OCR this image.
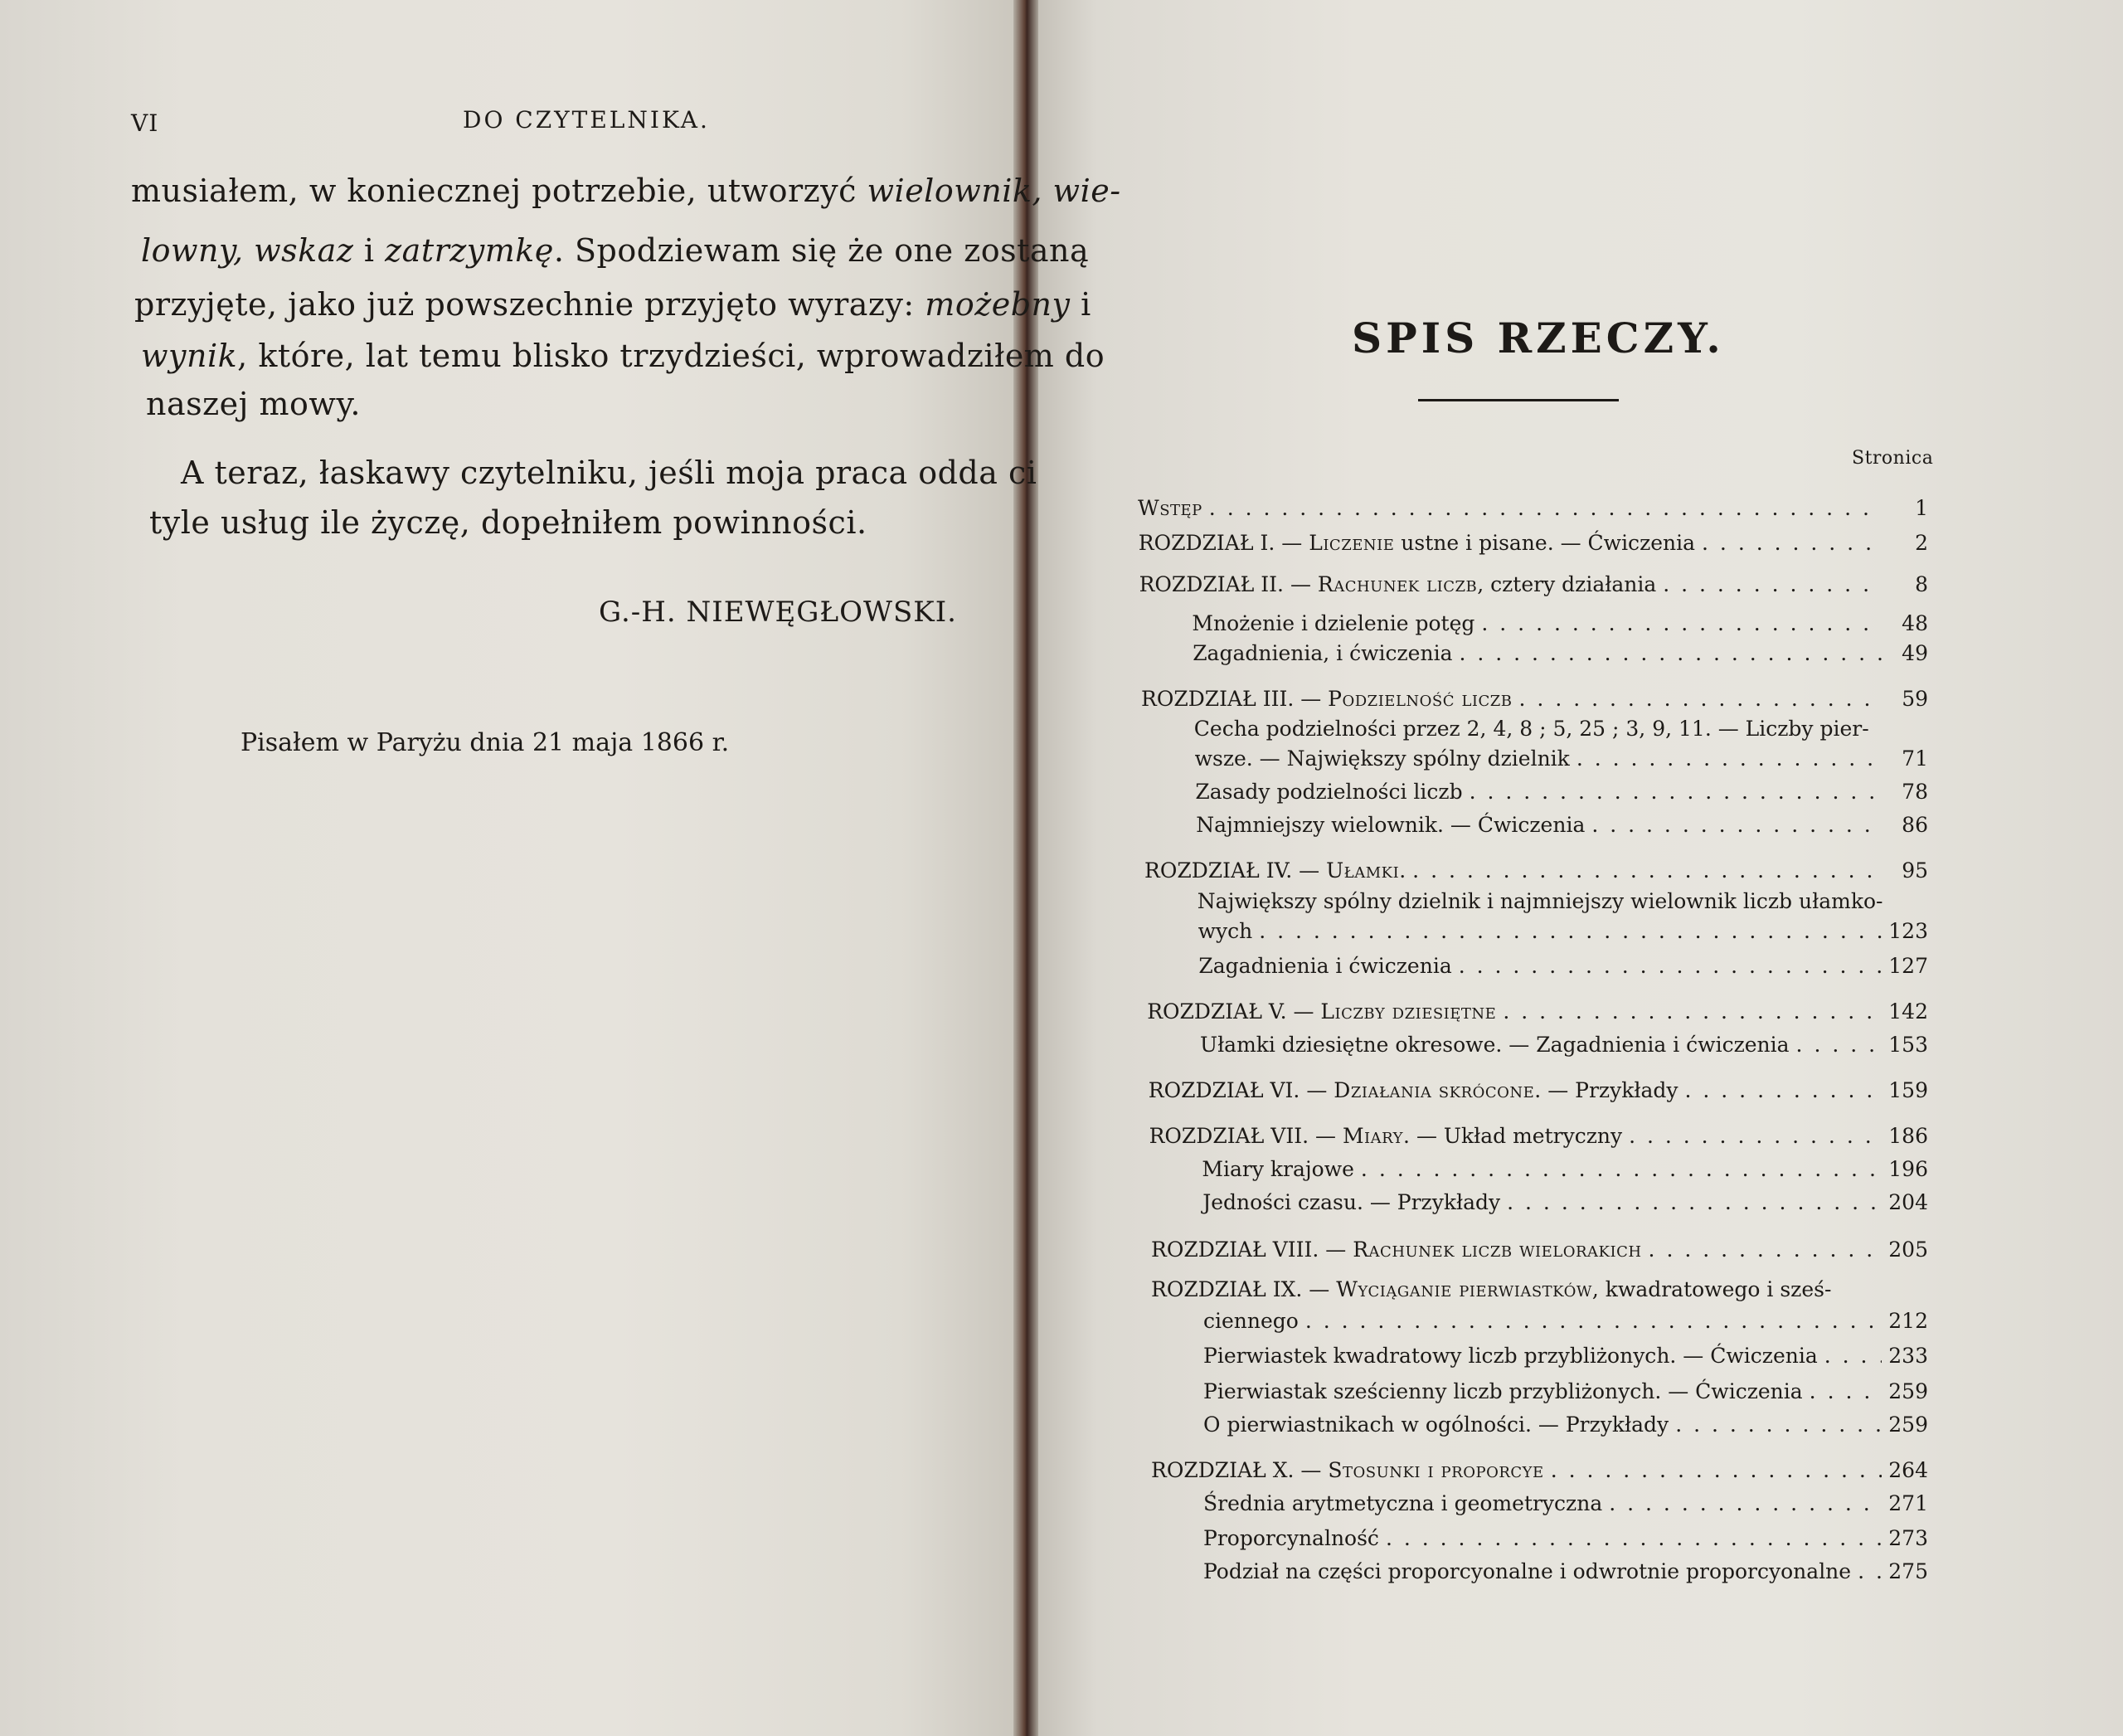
VI	DO CZYTELNIKA.
musiałem, w koniecznej potrzebie, utworzyć wielownik, wie-
lowny, wskaz i zatrzymkę. Spodziewam się że one zostaną
przyjęte, jako już powszechnie przyjęto wyrazy: możebny i
wynik, które, lat temu blisko trzydzieści, wprowadziłem do
naszej mowy.
A teraz, łaskawy czytelniku, jeśli moja praca odda ci
tyle usług ile życzę, dopełniłem powinności.
G.-H. NIEWĘGŁOWSKI.
Pisałem w Paryżu dnia 21 maja 1866 r.
SPIS RZECZY.
Stronica
Wstęp . . .	1
ROZDZIAŁ I. — Liczenie ustne i pisane. — Ćwiczenia . . .	2
ROZDZIAŁ II. — Rachunek liczb, cztery działania . . .	8
Mnożenie i dzielenie potęg . . .	48
Zagadnienia, i ćwiczenia . . .	49
ROZDZIAŁ III. — Podzielność liczb . . .	59
Cecha podzielności przez 2, 4, 8 ; 5, 25 ; 3, 9, 11. — Liczby pier-
wsze. — Największy spólny dzielnik . . .	71
Zasady podzielności liczb . . .	78
Najmniejszy wielownik. — Ćwiczenia . . .	86
ROZDZIAŁ IV. — Ułamki. . . .	95
Największy spólny dzielnik i najmniejszy wielownik liczb ułamko-
wych . . .	123
Zagadnienia i ćwiczenia . . .	127
ROZDZIAŁ V. — Liczby dziesiętne . . .	142
Ułamki dziesiętne okresowe. — Zagadnienia i ćwiczenia . . .	153
ROZDZIAŁ VI. — Działania skrócone. — Przykłady . . .	159
ROZDZIAŁ VII. — Miary. — Układ metryczny . . .	186
Miary krajowe . . .	196
Jedności czasu. — Przykłady . . .	204
ROZDZIAŁ VIII. — Rachunek liczb wielorakich . . .	205
ROZDZIAŁ IX. — Wyciąganie pierwiastków, kwadratowego i sześ-
ciennego . . .	212
Pierwiastek kwadratowy liczb przybliżonych. — Ćwiczenia . . .	233
Pierwiastak sześcienny liczb przybliżonych. — Ćwiczenia . . .	259
O pierwiastnikach w ogólności. — Przykłady . . .	259
ROZDZIAŁ X. — Stosunki i proporcye . . .	264
Średnia arytmetyczna i geometryczna . . .	271
Proporcynalność . . .	273
Podział na części proporcyonalne i odwrotnie proporcyonalne . . . 275
